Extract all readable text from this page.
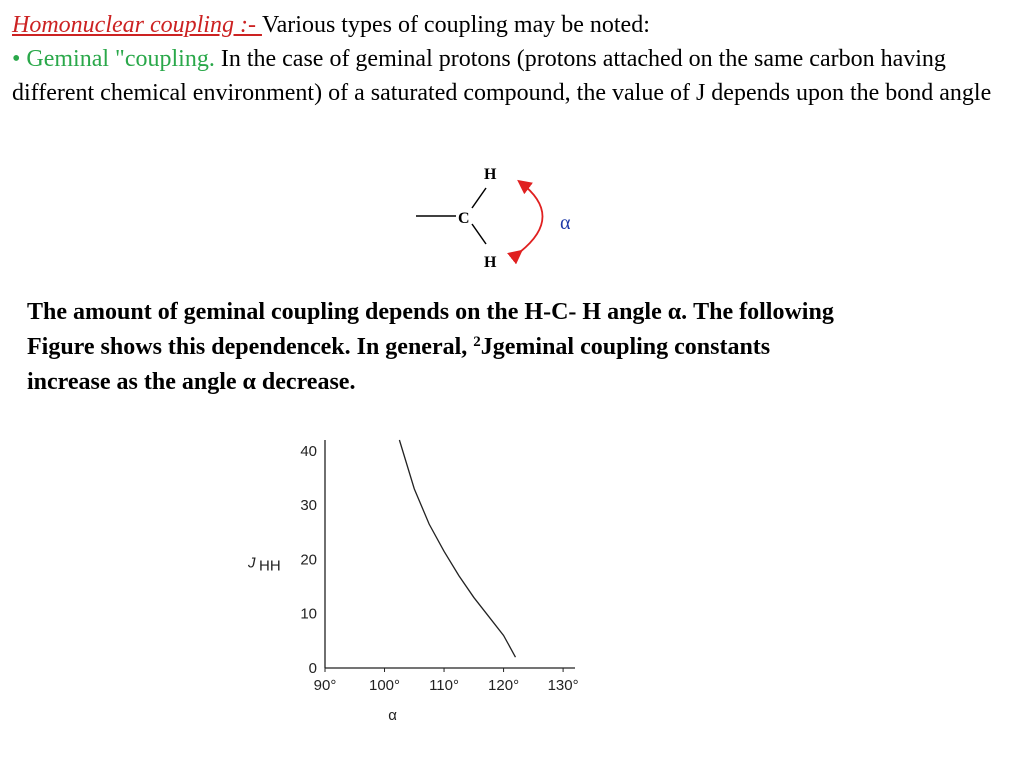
Homonuclear coupling :- Various types of coupling may be noted:

• Geminal "coupling. In the case of geminal protons (protons attached on the same carbon having different chemical environment) of a saturated compound, the value of J depends upon the bond angle

H
C
H
α

The amount of geminal coupling depends on the H-C- H angle α. The following

Figure shows this dependencek. In general, $^2$Jgeminal coupling constants

increase as the angle α decrease.

90° 100° 110° 120° 130°
0
10
20
30
40
J HH
α
